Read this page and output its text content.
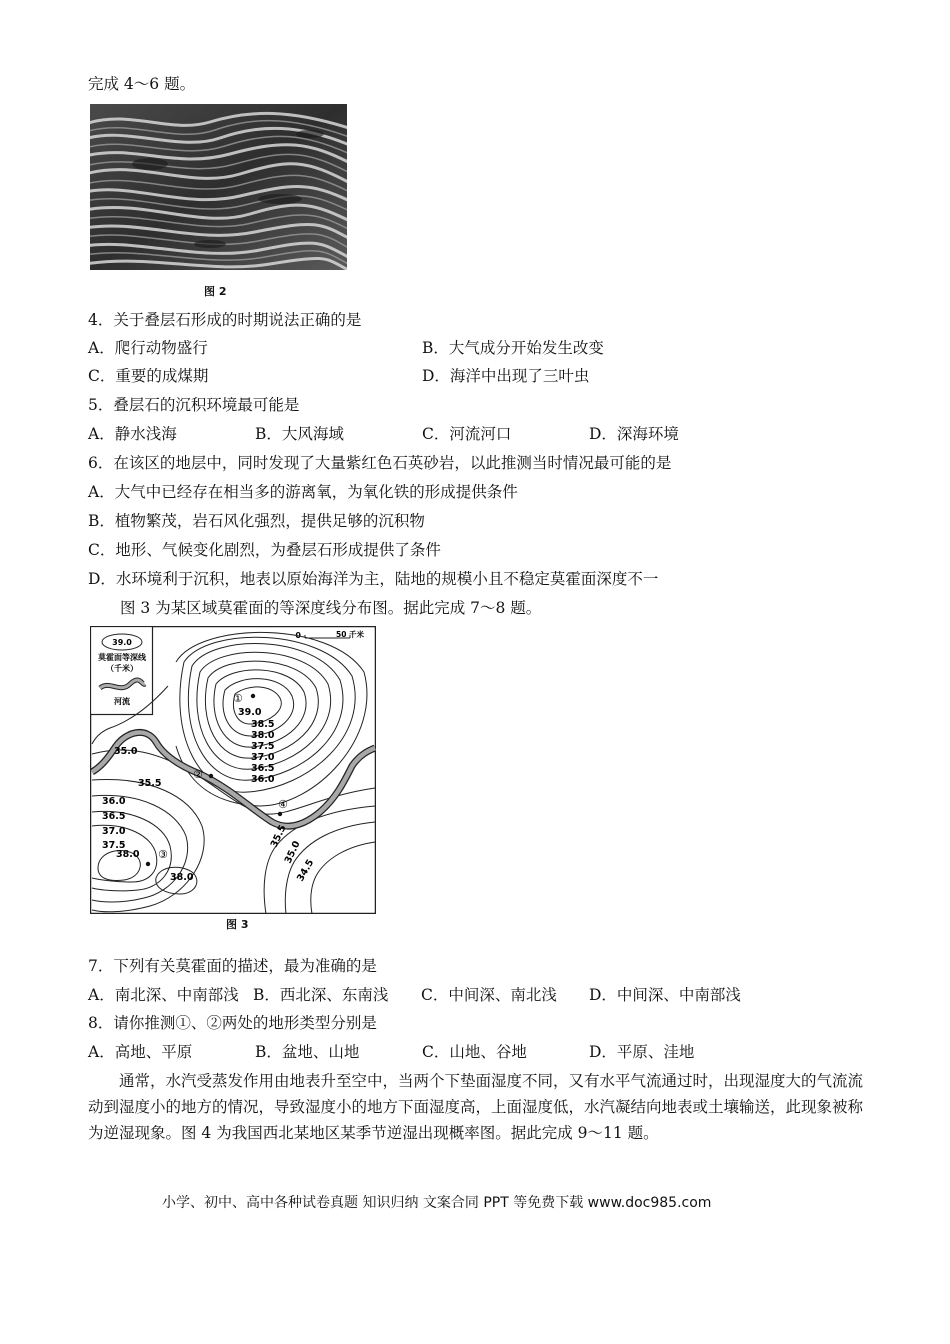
完成 4～6 题。
图 2
4．关于叠层石形成的时期说法正确的是
A．爬行动物盛行	B．大气成分开始发生改变
C．重要的成煤期	D．海洋中出现了三叶虫
5．叠层石的沉积环境最可能是
A．静水浅海	B．大风海域	C．河流河口	D．深海环境
6．在该区的地层中，同时发现了大量紫红色石英砂岩，以此推测当时情况最可能的是
A．大气中已经存在相当多的游离氧，为氧化铁的形成提供条件
B．植物繁茂，岩石风化强烈，提供足够的沉积物
C．地形、气候变化剧烈，为叠层石形成提供了条件
D．水环境利于沉积，地表以原始海洋为主，陆地的规模小且不稳定莫霍面深度不一
图 3 为某区域莫霍面的等深度线分布图。据此完成 7～8 题。
39.0
莫霍面等深线
（千米）
河流
0	50 千米
①
②
③
④
39.0
38.5
38.0
37.5
37.0
36.5
36.0
35.0
35.5
36.0
36.5
37.0
37.5
38.0
38.0
35.5
35.0
34.5
图 3
7．下列有关莫霍面的描述，最为准确的是
A．南北深、中南部浅 B．西北深、东南浅 C．中间深、南北浅 D．中间深、中南部浅
8．请你推测①、②两处的地形类型分别是
A．高地、平原	B．盆地、山地	C．山地、谷地	D．平原、洼地
通常，水汽受蒸发作用由地表升至空中，当两个下垫面湿度不同，又有水平气流通过时，出现湿度大的气流流动到湿度小的地方的情况，导致湿度小的地方下面湿度高，上面湿度低，水汽凝结向地表或土壤输送，此现象被称为逆湿现象。图 4 为我国西北某地区某季节逆湿出现概率图。据此完成 9～11 题。
小学、初中、高中各种试卷真题 知识归纳 文案合同 PPT 等免费下载 www.doc985.com
